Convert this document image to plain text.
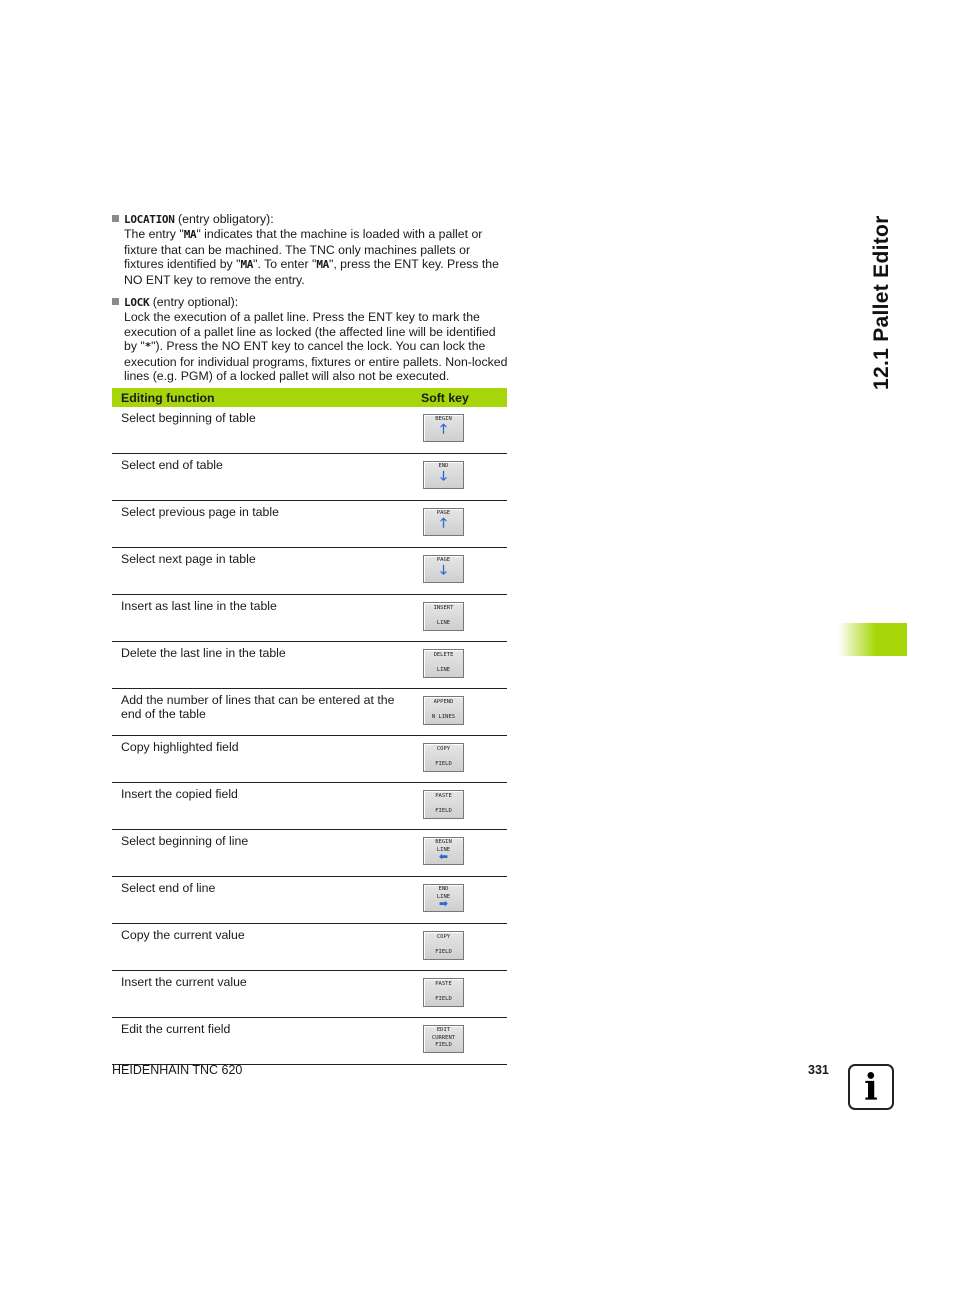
12.1 Pallet Editor
LOCATION (entry obligatory):
The entry "MA" indicates that the machine is loaded with a pallet or fixture that can be machined. The TNC only machines pallets or fixtures identified by "MA". To enter "MA", press the ENT key. Press the NO ENT key to remove the entry.
LOCK (entry optional):
Lock the execution of a pallet line. Press the ENT key to mark the execution of a pallet line as locked (the affected line will be identified by "*"). Press the NO ENT key to cancel the lock. You can lock the execution for individual programs, fixtures or entire pallets. Non-locked lines (e.g. PGM) of a locked pallet will also not be executed.
Editing function	Soft key
Select beginning of table	BEGIN
🡑

Select end of table	END
🡓

Select previous page in table	PAGE
🡑

Select next page in table	PAGE
🡓

Insert as last line in the table	INSERT
LINE

Delete the last line in the table	DELETE
LINE

Add the number of lines that can be entered at the end of the table	APPEND
N LINES

Copy highlighted field	COPY
FIELD

Insert the copied field	PASTE
FIELD

Select beginning of line	BEGIN
LINE
⬅

Select end of line	END
LINE
➡

Copy the current value	COPY
FIELD

Insert the current value	PASTE
FIELD

Edit the current field	EDIT
CURRENT
FIELD
HEIDENHAIN TNC 620	331 i
